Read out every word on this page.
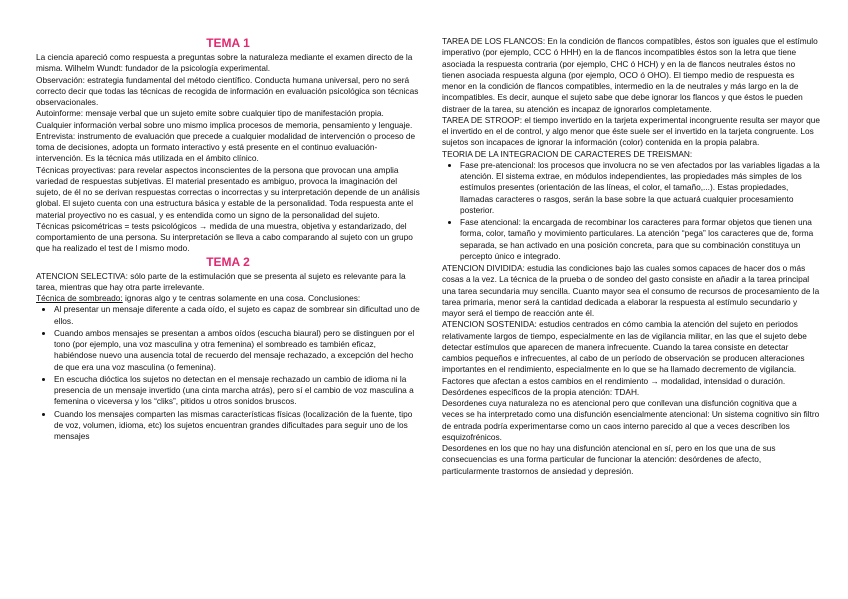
TEMA 1

La ciencia apareció como respuesta a preguntas sobre la naturaleza mediante el examen directo de la misma. Wilhelm Wundt: fundador de la psicología experimental.

Observación: estrategia fundamental del método científico. Conducta humana universal, pero no será correcto decir que todas las técnicas de recogida de información en evaluación psicológica son técnicas observacionales.

Autoinforme: mensaje verbal que un sujeto emite sobre cualquier tipo de manifestación propia. Cualquier información verbal sobre uno mismo implica procesos de memoria, pensamiento y lenguaje.

Entrevista: instrumento de evaluación que precede a cualquier modalidad de intervención o proceso de toma de decisiones, adopta un formato interactivo y está presente en el continuo evaluación- intervención. Es la técnica más utilizada en el ámbito clínico.

Técnicas proyectivas: para revelar aspectos inconscientes de la persona que provocan una amplia variedad de respuestas subjetivas. El material presentado es ambiguo, provoca la imaginación del sujeto, de él no se derivan respuestas correctas o incorrectas y su interpretación depende de un análisis global. El sujeto cuenta con una estructura básica y estable de la personalidad. Toda respuesta ante el material proyectivo no es casual, y es entendida como un signo de la personalidad del sujeto.

Técnicas psicométricas = tests psicológicos → medida de una muestra, objetiva y estandarizado, del comportamiento de una persona. Su interpretación se lleva a cabo comparando al sujeto con un grupo que ha realizado el test de l mismo modo.

TEMA 2

ATENCION SELECTIVA: sólo parte de la estimulación que se presenta al sujeto es relevante para la tarea, mientras que hay otra parte irrelevante.

Técnica de sombreado: ignoras algo y te centras solamente en una cosa. Conclusiones:

• Al presentar un mensaje diferente a cada oído, el sujeto es capaz de sombrear sin dificultad uno de ellos.
• Cuando ambos mensajes se presentan a ambos oídos (escucha biaural) pero se distinguen por el tono (por ejemplo, una voz masculina y otra femenina) el sombreado es también eficaz, habiéndose nuevo una ausencia total de recuerdo del mensaje rechazado, a excepción del hecho de que era una voz masculina (o femenina).
• En escucha dióctica los sujetos no detectan en el mensaje rechazado un cambio de idioma ni la presencia de un mensaje invertido (una cinta marcha atrás), pero sí el cambio de voz masculina a femenina o viceversa y los “cliks”, pitidos u otros sonidos bruscos.
• Cuando los mensajes comparten las mismas características físicas (localización de la fuente, tipo de voz, volumen, idioma, etc) los sujetos encuentran grandes dificultades para seguir uno de los mensajes

TAREA DE LOS FLANCOS: En la condición de flancos compatibles, éstos son iguales que el estímulo imperativo (por ejemplo, CCC ó HHH) en la de flancos incompatibles éstos son la letra que tiene asociada la respuesta contraria (por ejemplo, CHC ó HCH) y en la de flancos neutrales éstos no tienen asociada respuesta alguna (por ejemplo, OCO ó OHO). El tiempo medio de respuesta es menor en la condición de flancos compatibles, intermedio en la de neutrales y más largo en la de incompatibles. Es decir, aunque el sujeto sabe que debe ignorar los flancos y que éstos le pueden distraer de la tarea, su atención es incapaz de ignorarlos completamente.

TAREA DE STROOP: el tiempo invertido en la tarjeta experimental incongruente resulta ser mayor que el invertido en el de control, y algo menor que éste suele ser el invertido en la tarjeta congruente. Los sujetos son incapaces de ignorar la información (color) contenida en la propia palabra.

TEORIA DE LA INTEGRACION DE CARACTERES DE TREISMAN:

• Fase pre-atencional: los procesos que involucra no se ven afectados por las variables ligadas a la atención. El sistema extrae, en módulos independientes, las propiedades más simples de los estímulos presentes (orientación de las líneas, el color, el tamaño,...). Estas propiedades, llamadas caracteres o rasgos, serán la base sobre la que actuará cualquier procesamiento posterior.
• Fase atencional: la encargada de recombinar los caracteres para formar objetos que tienen una forma, color, tamaño y movimiento particulares. La atención “pega” los caracteres que de, forma separada, se han activado en una posición concreta, para que su combinación constituya un percepto único e integrado.

ATENCION DIVIDIDA: estudia las condiciones bajo las cuales somos capaces de hacer dos o más cosas a la vez. La técnica de la prueba o de sondeo del gasto consiste en añadir a la tarea principal una tarea secundaria muy sencilla. Cuanto mayor sea el consumo de recursos de procesamiento de la tarea primaria, menor será la cantidad dedicada a elaborar la respuesta al estímulo secundario y mayor será el tiempo de reacción ante él.

ATENCION SOSTENIDA: estudios centrados en cómo cambia la atención del sujeto en periodos relativamente largos de tiempo, especialmente en las de vigilancia militar, en las que el sujeto debe detectar estímulos que aparecen de manera infrecuente. Cuando la tarea consiste en detectar cambios pequeños e infrecuentes, al cabo de un período de observación se producen alteraciones importantes en el rendimiento, especialmente en lo que se ha llamado decremento de vigilancia. Factores que afectan a estos cambios en el rendimiento → modalidad, intensidad o duración.

Desórdenes específicos de la propia atención: TDAH.

Desordenes cuya naturaleza no es atencional pero que conllevan una disfunción cognitiva que a veces se ha interpretado como una disfunción esencialmente atencional: Un sistema cognitivo sin filtro de entrada podría experimentarse como un caos interno parecido al que a veces describen los esquizofrénicos.

Desordenes en los que no hay una disfunción atencional en sí, pero en los que una de sus consecuencias es una forma particular de funcionar la atención: desórdenes de afecto, particularmente trastornos de ansiedad y depresión.
